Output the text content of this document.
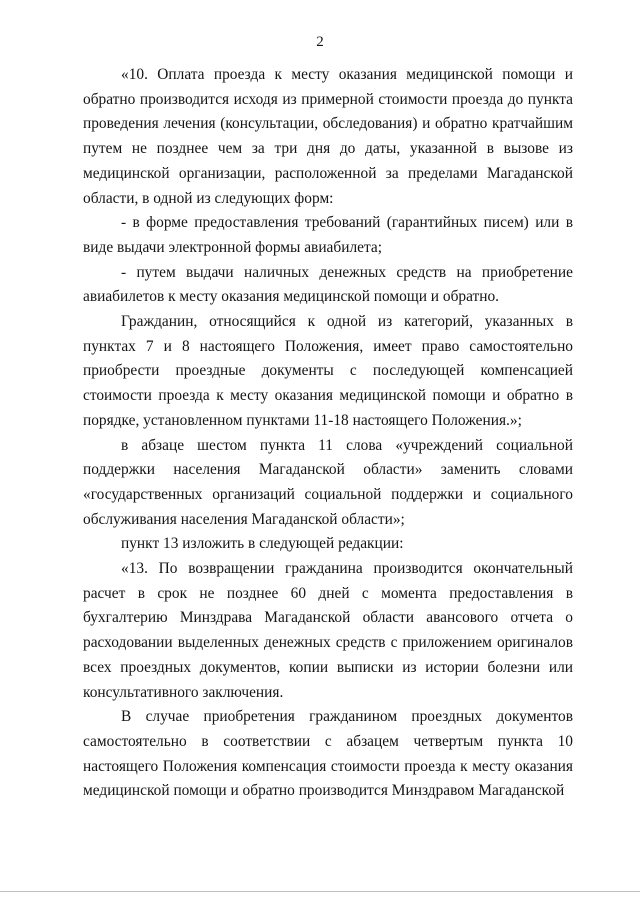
2

«10. Оплата проезда к месту оказания медицинской помощи и обратно производится исходя из примерной стоимости проезда до пункта проведения лечения (консультации, обследования) и обратно кратчайшим путем не позднее чем за три дня до даты, указанной в вызове из медицинской организации, расположенной за пределами Магаданской области, в одной из следующих форм:

- в форме предоставления требований (гарантийных писем) или в виде выдачи электронной формы авиабилета;

- путем выдачи наличных денежных средств на приобретение авиабилетов к месту оказания медицинской помощи и обратно.

Гражданин, относящийся к одной из категорий, указанных в пунктах 7 и 8 настоящего Положения, имеет право самостоятельно приобрести проездные документы с последующей компенсацией стоимости проезда к месту оказания медицинской помощи и обратно в порядке, установленном пунктами 11-18 настоящего Положения.»;

в абзаце шестом пункта 11 слова «учреждений социальной поддержки населения Магаданской области» заменить словами «государственных организаций социальной поддержки и социального обслуживания населения Магаданской области»;

пункт 13 изложить в следующей редакции:

«13. По возвращении гражданина производится окончательный расчет в срок не позднее 60 дней с момента предоставления в бухгалтерию Минздрава Магаданской области авансового отчета о расходовании выделенных денежных средств с приложением оригиналов всех проездных документов, копии выписки из истории болезни или консультативного заключения.

В случае приобретения гражданином проездных документов самостоятельно в соответствии с абзацем четвертым пункта 10 настоящего Положения компенсация стоимости проезда к месту оказания медицинской помощи и обратно производится Минздравом Магаданской
